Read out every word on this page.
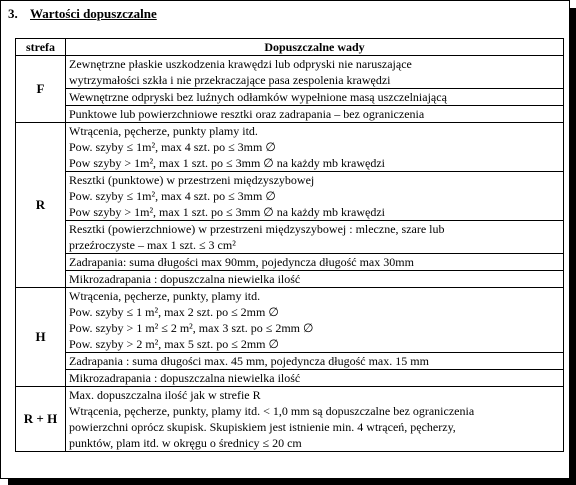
3. Wartości dopuszczalne
strefa	Dopuszczalne wady
F	Zewnętrzne płaskie uszkodzenia krawędzi lub odpryski nie naruszające
wytrzymałości szkła i nie przekraczające pasa zespolenia krawędzi

	Wewnętrzne odpryski bez luźnych odłamków wypełnione masą uszczelniającą

	Punktowe lub powierzchniowe resztki oraz zadrapania – bez ograniczenia

R	Wtrącenia, pęcherze, punkty plamy itd.
Pow. szyby ≤ 1m², max 4 szt. po ≤ 3mm ∅
Pow szyby > 1m², max 1 szt. po ≤ 3mm ∅ na każdy mb krawędzi

	Resztki (punktowe) w przestrzeni międzyszybowej
Pow. szyby ≤ 1m², max 4 szt. po ≤ 3mm ∅
Pow szyby > 1m², max 1 szt. po ≤ 3mm ∅ na każdy mb krawędzi

	Resztki (powierzchniowe) w przestrzeni międzyszybowej : mleczne, szare lub
przeźroczyste – max 1 szt. ≤ 3 cm²

	Zadrapania: suma długości max 90mm, pojedyncza długość max 30mm

	Mikrozadrapania : dopuszczalna niewielka ilość

H	Wtrącenia, pęcherze, punkty, plamy itd.
Pow. szyby ≤ 1 m², max 2 szt. po ≤ 2mm ∅
Pow. szyby > 1 m² ≤ 2 m², max 3 szt. po ≤ 2mm ∅
Pow. szyby > 2 m², max 5 szt. po ≤ 2mm ∅

	Zadrapania : suma długości max. 45 mm, pojedyncza długość max. 15 mm

	Mikrozadrapania : dopuszczalna niewielka ilość

R + H	Max. dopuszczalna ilość jak w strefie R
Wtrącenia, pęcherze, punkty, plamy itd. < 1,0 mm są dopuszczalne bez ograniczenia
powierzchni oprócz skupisk. Skupiskiem jest istnienie min. 4 wtrąceń, pęcherzy,
punktów, plam itd. w okręgu o średnicy ≤ 20 cm
